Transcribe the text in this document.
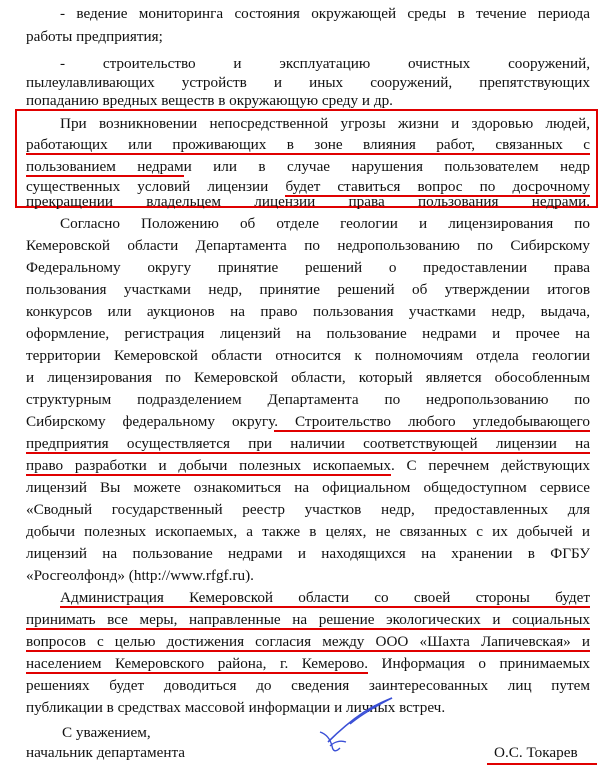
- ведение мониторинга состояния окружающей среды в течение периода
работы предприятия;
- строительство и эксплуатацию очистных сооружений,
пылеулавливающих устройств и иных сооружений, препятствующих
попаданию вредных веществ в окружающую среду и др.
При возникновении непосредственной угрозы жизни и здоровью людей,
работающих или проживающих в зоне влияния работ, связанных с
пользованием недрами или в случае нарушения пользователем недр
существенных условий лицензии будет ставиться вопрос по досрочному
прекращении владельцем лицензии права пользования недрами.
Согласно Положению об отделе геологии и лицензирования по
Кемеровской области Департамента по недропользованию по Сибирскому
Федеральному округу принятие решений о предоставлении права
пользования участками недр, принятие решений об утверждении итогов
конкурсов или аукционов на право пользования участками недр, выдача,
оформление, регистрация лицензий на пользование недрами и прочее на
территории Кемеровской области относится к полномочиям отдела геологии
и лицензирования по Кемеровской области, который является обособленным
структурным подразделением Департамента по недропользованию по
Сибирскому федеральному округу. Строительство любого угледобывающего
предприятия осуществляется при наличии соответствующей лицензии на
право разработки и добычи полезных ископаемых. С перечнем действующих
лицензий Вы можете ознакомиться на официальном общедоступном сервисе
«Сводный государственный реестр участков недр, предоставленных для
добычи полезных ископаемых, а также в целях, не связанных с их добычей и
лицензий на пользование недрами и находящихся на хранении в ФГБУ
«Росгеолфонд» (http://www.rfgf.ru).
Администрация Кемеровской области со своей стороны будет
принимать все меры, направленные на решение экологических и социальных
вопросов с целью достижения согласия между ООО «Шахта Лапичевская» и
населением Кемеровского района, г. Кемерово. Информация о принимаемых
решениях будет доводиться до сведения заинтересованных лиц путем
публикации в средствах массовой информации и личных встреч.
С уважением,
начальник департамента	О.С. Токарев
